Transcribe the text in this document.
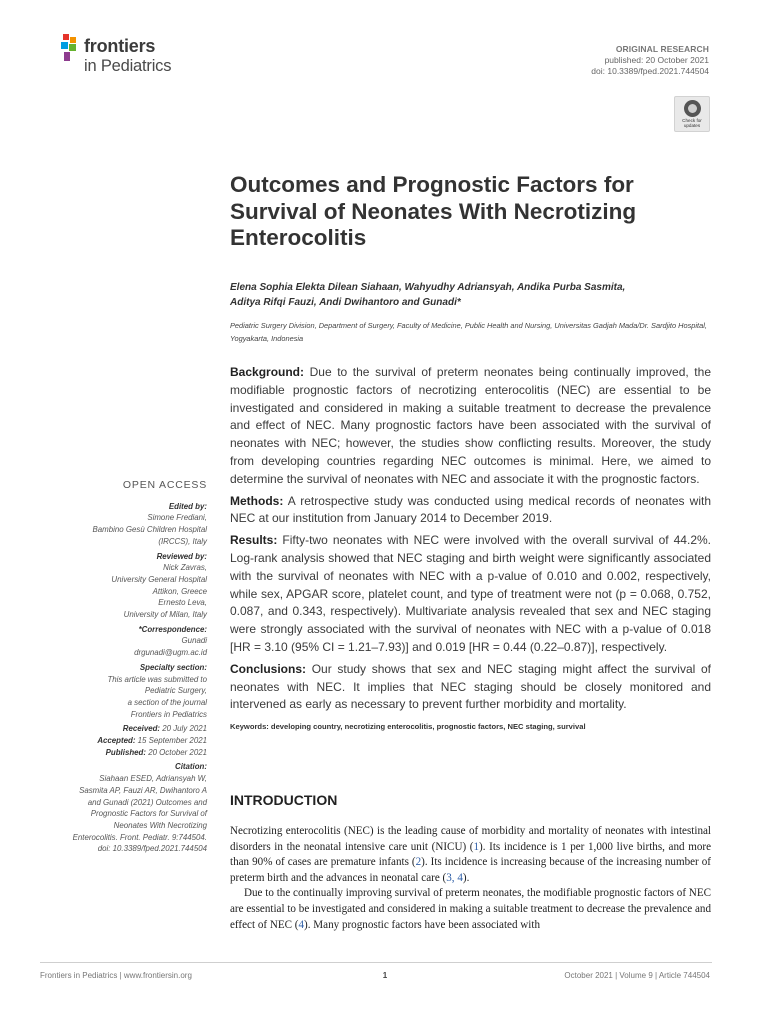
frontiers
in Pediatrics
ORIGINAL RESEARCH
published: 20 October 2021
doi: 10.3389/fped.2021.744504
Check for
updates
Outcomes and Prognostic Factors for Survival of Neonates With Necrotizing Enterocolitis
Elena Sophia Elekta Dilean Siahaan, Wahyudhy Adriansyah, Andika Purba Sasmita,
Aditya Rifqi Fauzi, Andi Dwihantoro and Gunadi*
Pediatric Surgery Division, Department of Surgery, Faculty of Medicine, Public Health and Nursing, Universitas Gadjah Mada/Dr. Sardjito Hospital, Yogyakarta, Indonesia

Background: Due to the survival of preterm neonates being continually improved, the modifiable prognostic factors of necrotizing enterocolitis (NEC) are essential to be investigated and considered in making a suitable treatment to decrease the prevalence and effect of NEC. Many prognostic factors have been associated with the survival of neonates with NEC; however, the studies show conflicting results. Moreover, the study from developing countries regarding NEC outcomes is minimal. Here, we aimed to determine the survival of neonates with NEC and associate it with the prognostic factors.

Methods: A retrospective study was conducted using medical records of neonates with NEC at our institution from January 2014 to December 2019.

Results: Fifty-two neonates with NEC were involved with the overall survival of 44.2%. Log-rank analysis showed that NEC staging and birth weight were significantly associated with the survival of neonates with NEC with a p-value of 0.010 and 0.002, respectively, while sex, APGAR score, platelet count, and type of treatment were not (p = 0.068, 0.752, 0.087, and 0.343, respectively). Multivariate analysis revealed that sex and NEC staging were strongly associated with the survival of neonates with NEC with a p-value of 0.018 [HR = 3.10 (95% CI = 1.21–7.93)] and 0.019 [HR = 0.44 (0.22–0.87)], respectively.

Conclusions: Our study shows that sex and NEC staging might affect the survival of neonates with NEC. It implies that NEC staging should be closely monitored and intervened as early as necessary to prevent further morbidity and mortality.

Keywords: developing country, necrotizing enterocolitis, prognostic factors, NEC staging, survival
INTRODUCTION

Necrotizing enterocolitis (NEC) is the leading cause of morbidity and mortality of neonates with intestinal disorders in the neonatal intensive care unit (NICU) (1). Its incidence is 1 per 1,000 live births, and more than 90% of cases are premature infants (2). Its incidence is increasing because of the increasing number of preterm birth and the advances in neonatal care (3, 4).

Due to the continually improving survival of preterm neonates, the modifiable prognostic factors of NEC are essential to be investigated and considered in making a suitable treatment to decrease the prevalence and effect of NEC (4). Many prognostic factors have been associated with

OPEN ACCESS
Edited by:
Simone Frediani,
Bambino Gesù Children Hospital
(IRCCS), Italy
Reviewed by:
Nick Zavras,
University General Hospital
Attikon, Greece
Ernesto Leva,
University of Milan, Italy
*Correspondence:
Gunadi
drgunadi@ugm.ac.id
Specialty section:
This article was submitted to
Pediatric Surgery,
a section of the journal
Frontiers in Pediatrics
Received: 20 July 2021
Accepted: 15 September 2021
Published: 20 October 2021
Citation:
Siahaan ESED, Adriansyah W,
Sasmita AP, Fauzi AR, Dwihantoro A
and Gunadi (2021) Outcomes and
Prognostic Factors for Survival of
Neonates With Necrotizing
Enterocolitis. Front. Pediatr. 9:744504.
doi: 10.3389/fped.2021.744504
Frontiers in Pediatrics | www.frontiersin.org	1	October 2021 | Volume 9 | Article 744504
